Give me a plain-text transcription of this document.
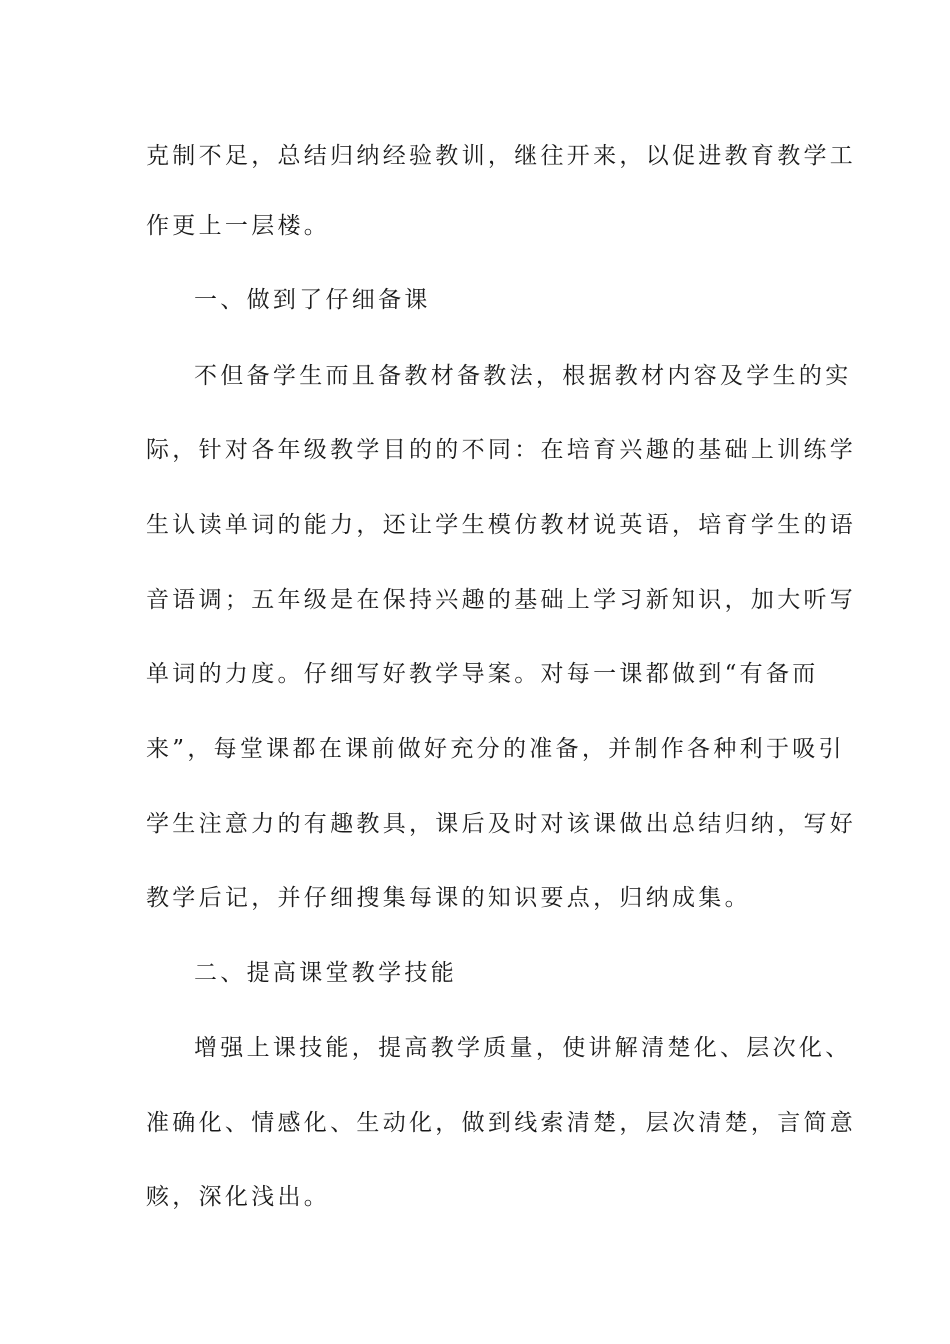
克制不足，总结归纳经验教训，继往开来，以促进教育教学工
作更上一层楼。
一、做到了仔细备课
不但备学生而且备教材备教法，根据教材内容及学生的实
际，针对各年级教学目的的不同：在培育兴趣的基础上训练学
生认读单词的能力，还让学生模仿教材说英语，培育学生的语
音语调；五年级是在保持兴趣的基础上学习新知识，加大听写
单词的力度。仔细写好教学导案。对每一课都做到“有备而
来”，每堂课都在课前做好充分的准备，并制作各种利于吸引
学生注意力的有趣教具，课后及时对该课做出总结归纳，写好
教学后记，并仔细搜集每课的知识要点，归纳成集。
二、提高课堂教学技能
增强上课技能，提高教学质量，使讲解清楚化、层次化、
准确化、情感化、生动化，做到线索清楚，层次清楚，言简意
赅，深化浅出。
